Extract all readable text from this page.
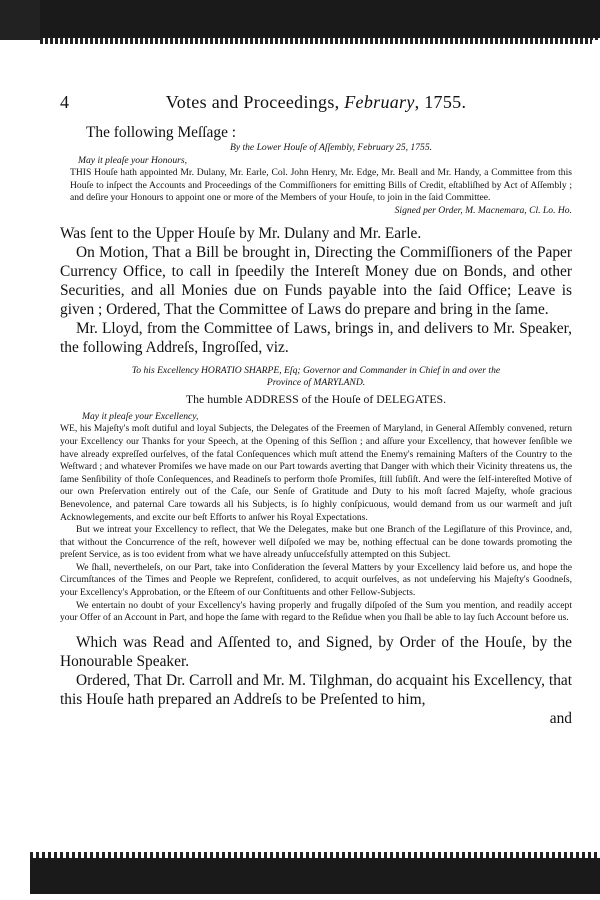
4	Votes and Proceedings, February, 1755.

The following Meſſage :

By the Lower Houſe of Aſſembly, February 25, 1755.

May it pleaſe your Honours,

THIS Houſe hath appointed Mr. Dulany, Mr. Earle, Col. John Henry, Mr. Edge, Mr. Beall and Mr. Handy, a Committee from this Houſe to inſpect the Accounts and Proceedings of the Commiſſioners for emitting Bills of Credit, eſtabliſhed by Act of Aſſembly ; and deſire your Honours to appoint one or more of the Members of your Houſe, to join in the ſaid Committee.

Signed per Order, M. Macnemara, Cl. Lo. Ho.

Was ſent to the Upper Houſe by Mr. Dulany and Mr. Earle.

On Motion, That a Bill be brought in, Directing the Commiſſioners of the Paper Currency Office, to call in ſpeedily the Intereſt Money due on Bonds, and other Securities, and all Monies due on Funds payable into the ſaid Office; Leave is given ; Ordered, That the Committee of Laws do prepare and bring in the ſame.

Mr. Lloyd, from the Committee of Laws, brings in, and delivers to Mr. Speaker, the following Addreſs, Ingroſſed, viz.

To his Excellency HORATIO SHARPE, Eſq; Governor and Commander in Chief in and over the

Province of MARYLAND.

The humble ADDRESS of the Houſe of DELEGATES.

May it pleaſe your Excellency,

WE, his Majeſty's moſt dutiful and loyal Subjects, the Delegates of the Freemen of Maryland, in General Aſſembly convened, return your Excellency our Thanks for your Speech, at the Opening of this Seſſion ; and aſſure your Excellency, that however ſenſible we have already expreſſed ourſelves, of the fatal Conſequences which muſt attend the Enemy's remaining Maſters of the Country to the Weſtward ; and whatever Promiſes we have made on our Part towards averting that Danger with which their Vicinity threatens us, the ſame Senſibility of thoſe Conſequences, and Readineſs to perform thoſe Promiſes, ſtill ſubſiſt. And were the ſelf-intereſted Motive of our own Preſervation entirely out of the Caſe, our Senſe of Gratitude and Duty to his moſt ſacred Majeſty, whoſe gracious Benevolence, and paternal Care towards all his Subjects, is ſo highly conſpicuous, would demand from us our warmeſt and juſt Acknowlegements, and excite our beſt Efforts to anſwer his Royal Expectations.

But we intreat your Excellency to reflect, that We the Delegates, make but one Branch of the Legiſlature of this Province, and, that without the Concurrence of the reſt, however well diſpoſed we may be, nothing effectual can be done towards promoting the preſent Service, as is too evident from what we have already unſucceſsfully attempted on this Subject.

We ſhall, nevertheleſs, on our Part, take into Conſideration the ſeveral Matters by your Excellency laid before us, and hope the Circumſtances of the Times and People we Repreſent, conſidered, to acquit ourſelves, as not undeſerving his Majeſty's Goodneſs, your Excellency's Approbation, or the Eſteem of our Conſtituents and other Fellow-Subjects.

We entertain no doubt of your Excellency's having properly and frugally diſpoſed of the Sum you mention, and readily accept your Offer of an Account in Part, and hope the ſame with regard to the Reſidue when you ſhall be able to lay ſuch Account before us.

Which was Read and Aſſented to, and Signed, by Order of the Houſe, by the Honourable Speaker.

Ordered, That Dr. Carroll and Mr. M. Tilghman, do acquaint his Excellency, that this Houſe hath prepared an Addreſs to be Preſented to him,

and
